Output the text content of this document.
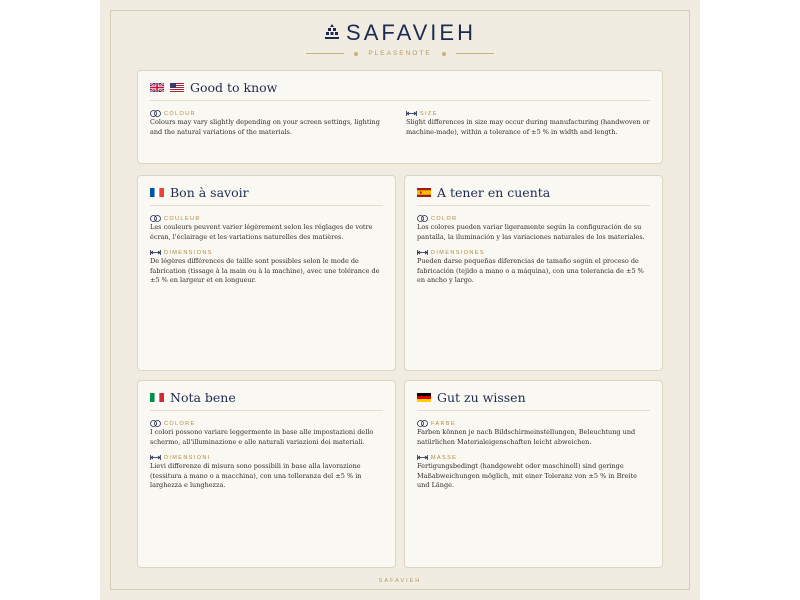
SAFAVIEH
PLEASENOTE
Good to know
COLOUR
Colours may vary slightly depending on your screen settings, lighting and the natural variations of the materials.
SIZE
Slight differences in size may occur during manufacturing (handwoven or machine-made), within a tolerance of ±5 % in width and length.
Bon à savoir
COULEUR
Les couleurs peuvent varier légèrement selon les réglages de votre écran, l'éclairage et les variations naturelles des matières.
DIMENSIONS
De légères différences de taille sont possibles selon le mode de fabrication (tissage à la main ou à la machine), avec une tolérance de ±5 % en largeur et en longueur.
A tener en cuenta
COLOR
Los colores pueden variar ligeramente según la configuración de su pantalla, la iluminación y las variaciones naturales de los materiales.
DIMENSIONES
Pueden darse pequeñas diferencias de tamaño según el proceso de fabricación (tejido a mano o a máquina), con una tolerancia de ±5 % en ancho y largo.
Nota bene
COLORE
I colori possono variare leggermente in base alle impostazioni dello schermo, all'illuminazione e alle naturali variazioni dei materiali.
DIMENSIONI
Lievi differenze di misura sono possibili in base alla lavorazione (tessitura a mano o a macchina), con una tolleranza del ±5 % in larghezza e lunghezza.
Gut zu wissen
FARBE
Farben können je nach Bildschirmeinstellungen, Beleuchtung und natürlichen Materialeigenschaften leicht abweichen.
MASSE
Fertigungsbedingt (handgewebt oder maschinell) sind geringe Maßabweichungen möglich, mit einer Toleranz von ±5 % in Breite und Länge.
SAFAVIEH
